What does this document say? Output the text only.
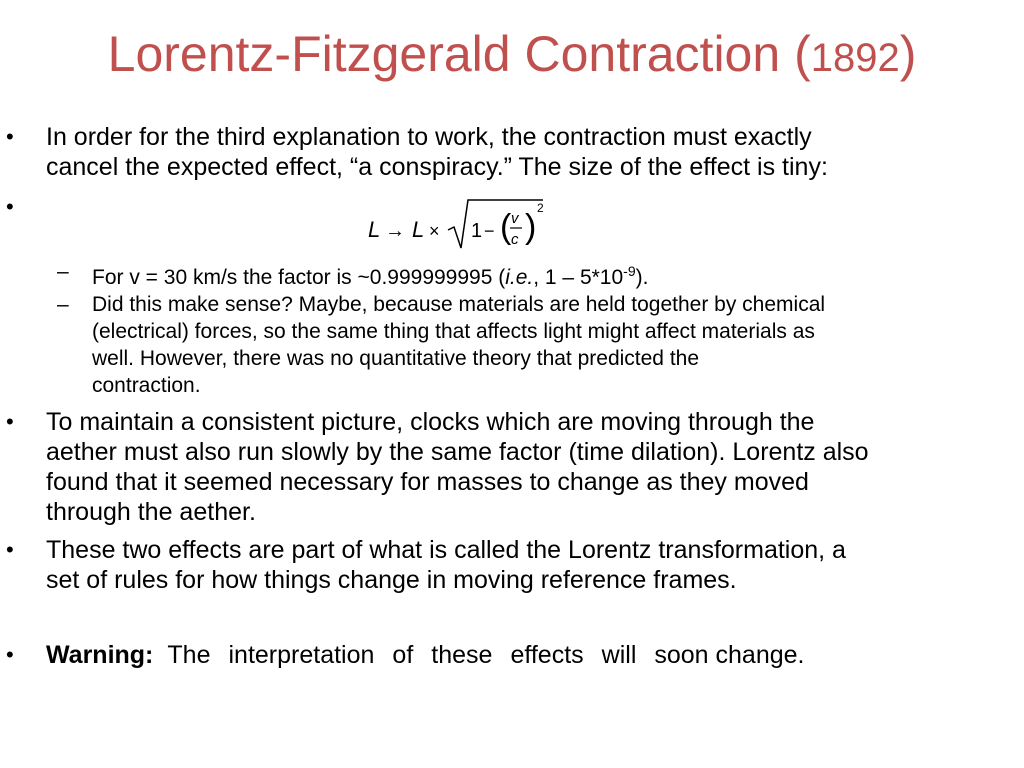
Lorentz-Fitzgerald Contraction (1892)
• In order for the third explanation to work, the contraction must exactly
cancel the expected effect, “a conspiracy.” The size of the effect is tiny:
•
L → L × 1 − ( v
c ) 2
– For v = 30 km/s the factor is ~0.999999995 (i.e., $1 - 5*10^{-9}$).
– Did this make sense? Maybe, because materials are held together by chemical
(electrical) forces, so the same thing that affects light might affect materials as
well. However, there was no quantitative theory that predicted the
contraction.
• To maintain a consistent picture, clocks which are moving through the
aether must also run slowly by the same factor (time dilation). Lorentz also
found that it seemed necessary for masses to change as they moved
through the aether.
• These two effects are part of what is called the Lorentz transformation, a
set of rules for how things change in moving reference frames.
• Warning: The interpretation of these effects will soon change.
